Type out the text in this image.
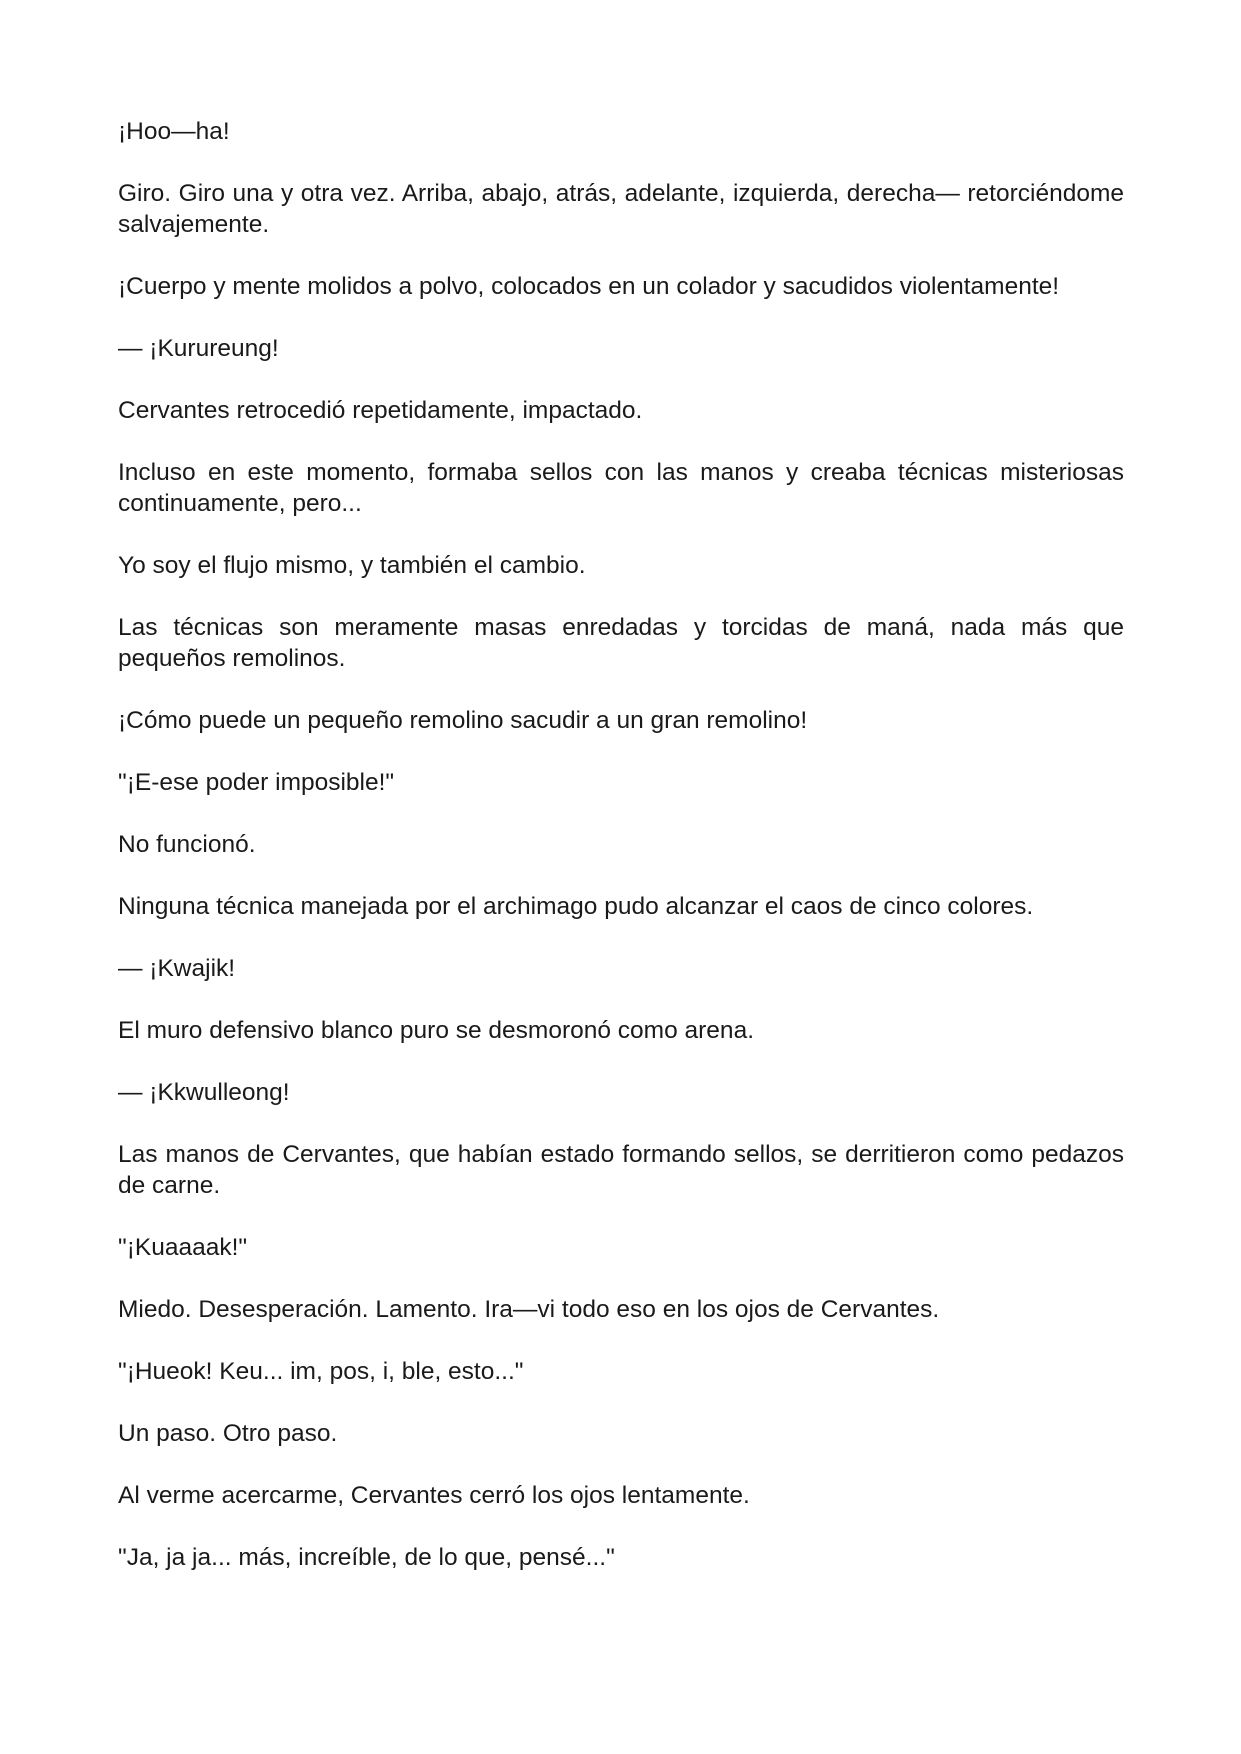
¡Hoo—ha!

Giro. Giro una y otra vez. Arriba, abajo, atrás, adelante, izquierda, derecha— retorciéndome salvajemente.

¡Cuerpo y mente molidos a polvo, colocados en un colador y sacudidos violentamente!

— ¡Kurureung!

Cervantes retrocedió repetidamente, impactado.

Incluso en este momento, formaba sellos con las manos y creaba técnicas misteriosas continuamente, pero...

Yo soy el flujo mismo, y también el cambio.

Las técnicas son meramente masas enredadas y torcidas de maná, nada más que pequeños remolinos.

¡Cómo puede un pequeño remolino sacudir a un gran remolino!

"¡E-ese poder imposible!"

No funcionó.

Ninguna técnica manejada por el archimago pudo alcanzar el caos de cinco colores.

— ¡Kwajik!

El muro defensivo blanco puro se desmoronó como arena.

— ¡Kkwulleong!

Las manos de Cervantes, que habían estado formando sellos, se derritieron como pedazos de carne.

"¡Kuaaaak!"

Miedo. Desesperación. Lamento. Ira—vi todo eso en los ojos de Cervantes.

"¡Hueok! Keu... im, pos, i, ble, esto..."

Un paso. Otro paso.

Al verme acercarme, Cervantes cerró los ojos lentamente.

"Ja, ja ja... más, increíble, de lo que, pensé..."
